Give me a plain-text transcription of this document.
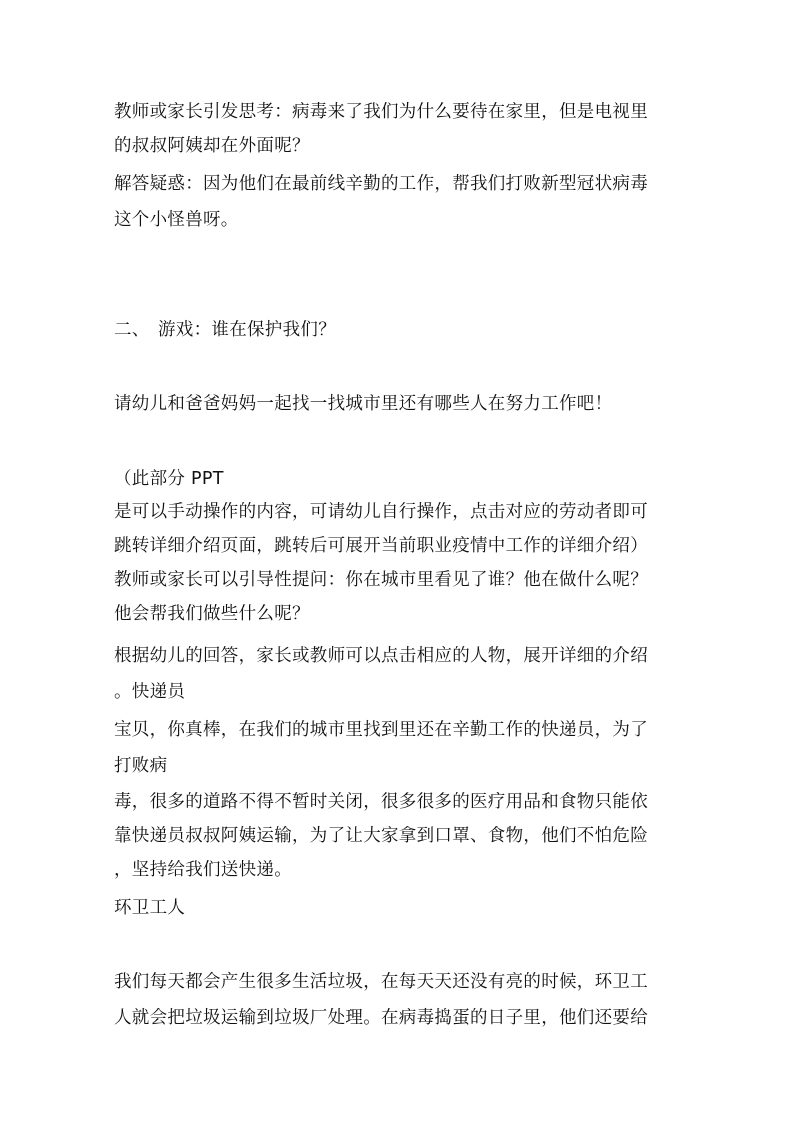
教师或家长引发思考：病毒来了我们为什么要待在家里，但是电视里
的叔叔阿姨却在外面呢？
解答疑惑：因为他们在最前线辛勤的工作，帮我们打败新型冠状病毒
这个小怪兽呀。
二、 游戏：谁在保护我们？
请幼儿和爸爸妈妈一起找一找城市里还有哪些人在努力工作吧！
（此部分 PPT
是可以手动操作的内容，可请幼儿自行操作，点击对应的劳动者即可
跳转详细介绍页面，跳转后可展开当前职业疫情中工作的详细介绍）
教师或家长可以引导性提问：你在城市里看见了谁？他在做什么呢？
他会帮我们做些什么呢？
根据幼儿的回答，家长或教师可以点击相应的人物，展开详细的介绍
。快递员
宝贝，你真棒，在我们的城市里找到里还在辛勤工作的快递员，为了
打败病
毒，很多的道路不得不暂时关闭，很多很多的医疗用品和食物只能依
靠快递员叔叔阿姨运输，为了让大家拿到口罩、食物，他们不怕危险
，坚持给我们送快递。
环卫工人
我们每天都会产生很多生活垃圾，在每天天还没有亮的时候，环卫工
人就会把垃圾运输到垃圾厂处理。在病毒捣蛋的日子里，他们还要给
